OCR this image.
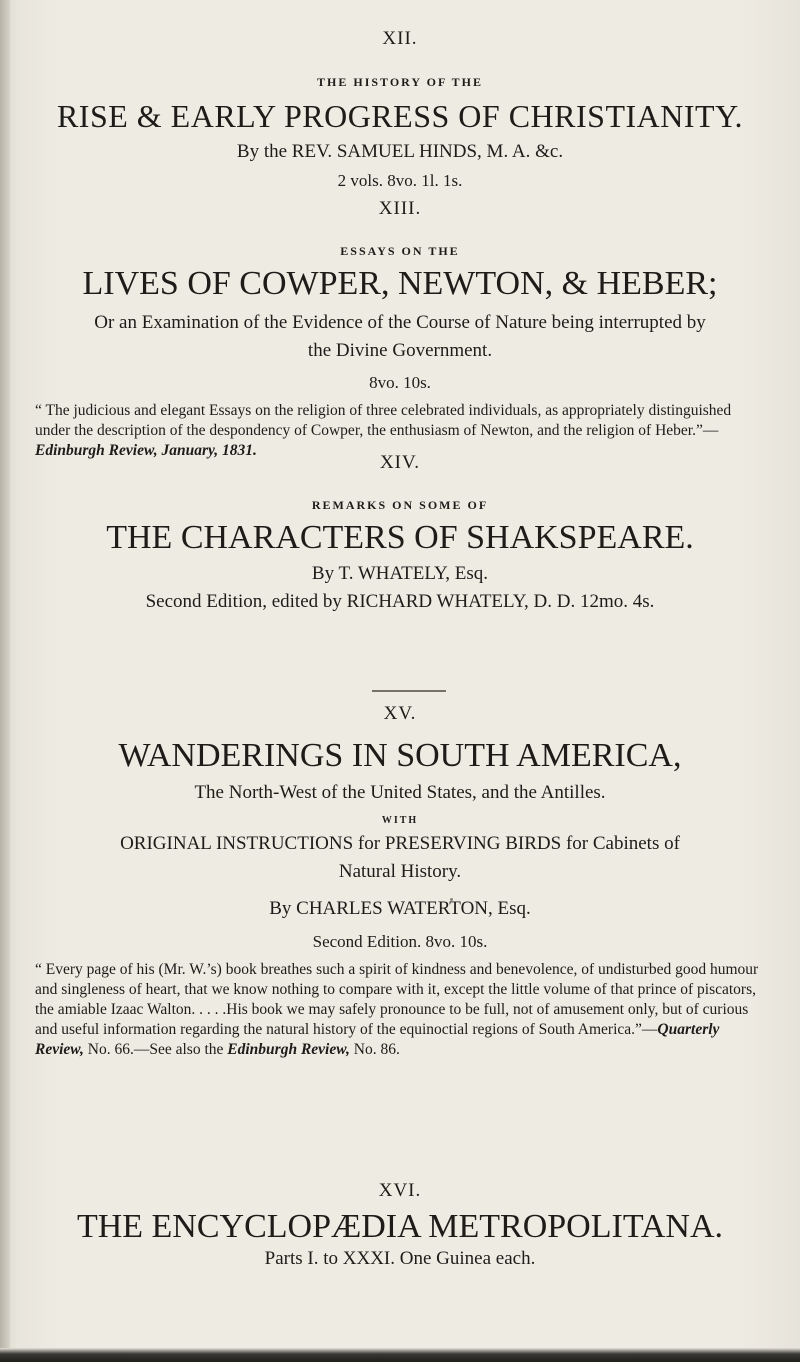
XII.
THE HISTORY OF THE
RISE & EARLY PROGRESS OF CHRISTIANITY.
By the REV. SAMUEL HINDS, M. A. &c.
2 vols. 8vo. 1l. 1s.
XIII.
ESSAYS ON THE
LIVES OF COWPER, NEWTON, & HEBER;
Or an Examination of the Evidence of the Course of Nature being interrupted by
the Divine Government.
8vo. 10s.
“ The judicious and elegant Essays on the religion of three celebrated individuals, as appropriately distinguished under the description of the despondency of Cowper, the enthusiasm of Newton, and the religion of Heber.”—Edinburgh Review, January, 1831.
XIV.
REMARKS ON SOME OF
THE CHARACTERS OF SHAKSPEARE.
By T. WHATELY, Esq.
Second Edition, edited by RICHARD WHATELY, D. D. 12mo. 4s.
XV.
WANDERINGS IN SOUTH AMERICA,
The North-West of the United States, and the Antilles.
WITH
ORIGINAL INSTRUCTIONS for PRESERVING BIRDS for Cabinets of
Natural History.
By CHARLES WATERTON, Esq.
Second Edition. 8vo. 10s.
“ Every page of his (Mr. W.’s) book breathes such a spirit of kindness and benevolence, of undisturbed good humour and singleness of heart, that we know nothing to compare with it, except the little volume of that prince of piscators, the amiable Izaac Walton. . . . .His book we may safely pronounce to be full, not of amusement only, but of curious and useful information regarding the natural history of the equinoctial regions of South America.”—Quarterly Review, No. 66.—See also the Edinburgh Review, No. 86.
XVI.
THE ENCYCLOPÆDIA METROPOLITANA.
Parts I. to XXXI. One Guinea each.
